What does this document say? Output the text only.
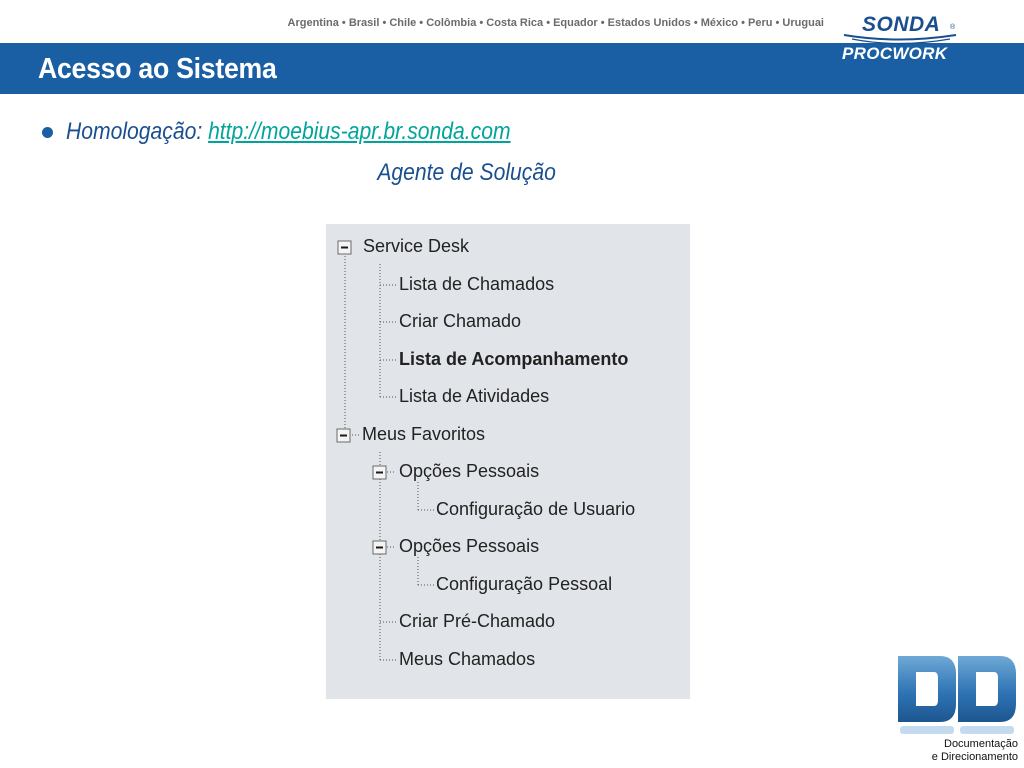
Argentina • Brasil • Chile • Colômbia • Costa Rica • Equador • Estados Unidos • México • Peru • Uruguai
Acesso ao Sistema
SONDA ®
PROCWORK
Homologação: http://moebius-apr.br.sonda.com
Agente de Solução
Service Desk
Lista de Chamados
Criar Chamado
Lista de Acompanhamento
Lista de Atividades
Meus Favoritos
Opções Pessoais
Configuração de Usuario
Opções Pessoais
Configuração Pessoal
Criar Pré-Chamado
Meus Chamados
Documentação
e Direcionamento
